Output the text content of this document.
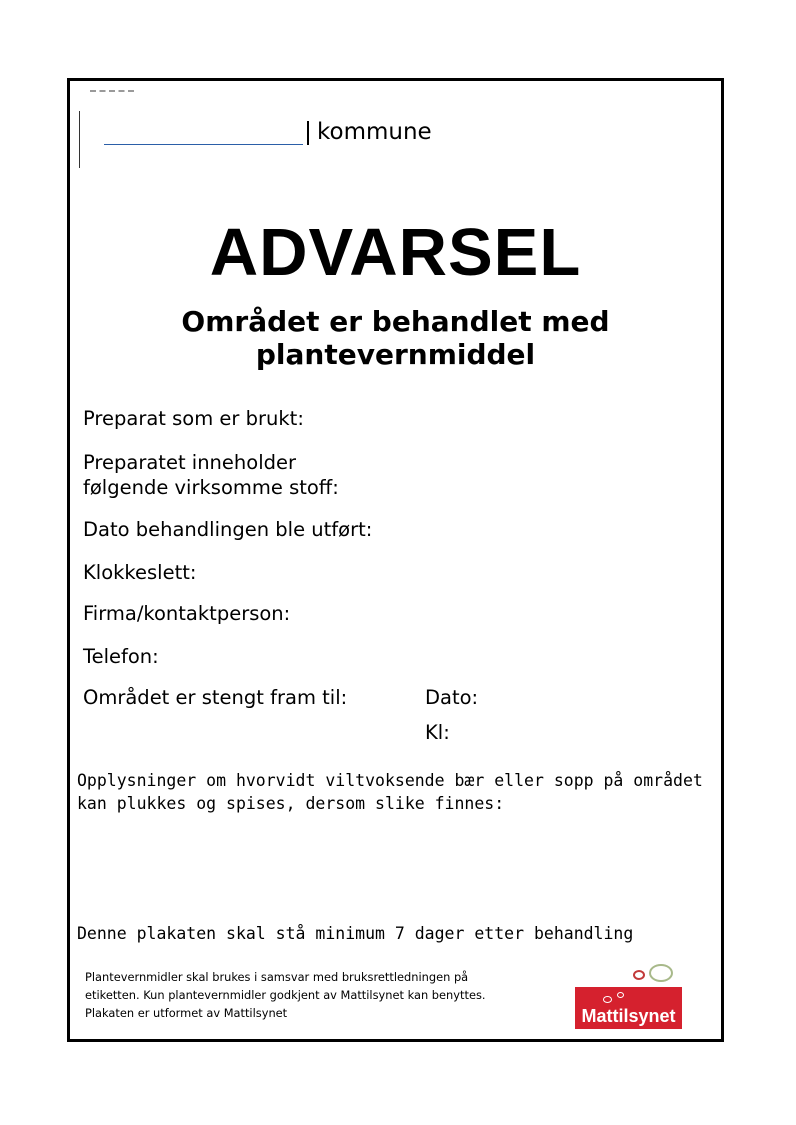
kommune
ADVARSEL
Området er behandlet med
plantevernmiddel
Preparat som er brukt:
Preparatet inneholder
følgende virksomme stoff:
Dato behandlingen ble utført:
Klokkeslett:
Firma/kontaktperson:
Telefon:
Området er stengt fram til:	Dato:
Kl:
Opplysninger om hvorvidt viltvoksende bær eller sopp på området
kan plukkes og spises, dersom slike finnes:
Denne plakaten skal stå minimum 7 dager etter behandling
Plantevernmidler skal brukes i samsvar med bruksrettledningen på
etiketten. Kun plantevernmidler godkjent av Mattilsynet kan benyttes.
Plakaten er utformet av Mattilsynet	Mattilsynet
